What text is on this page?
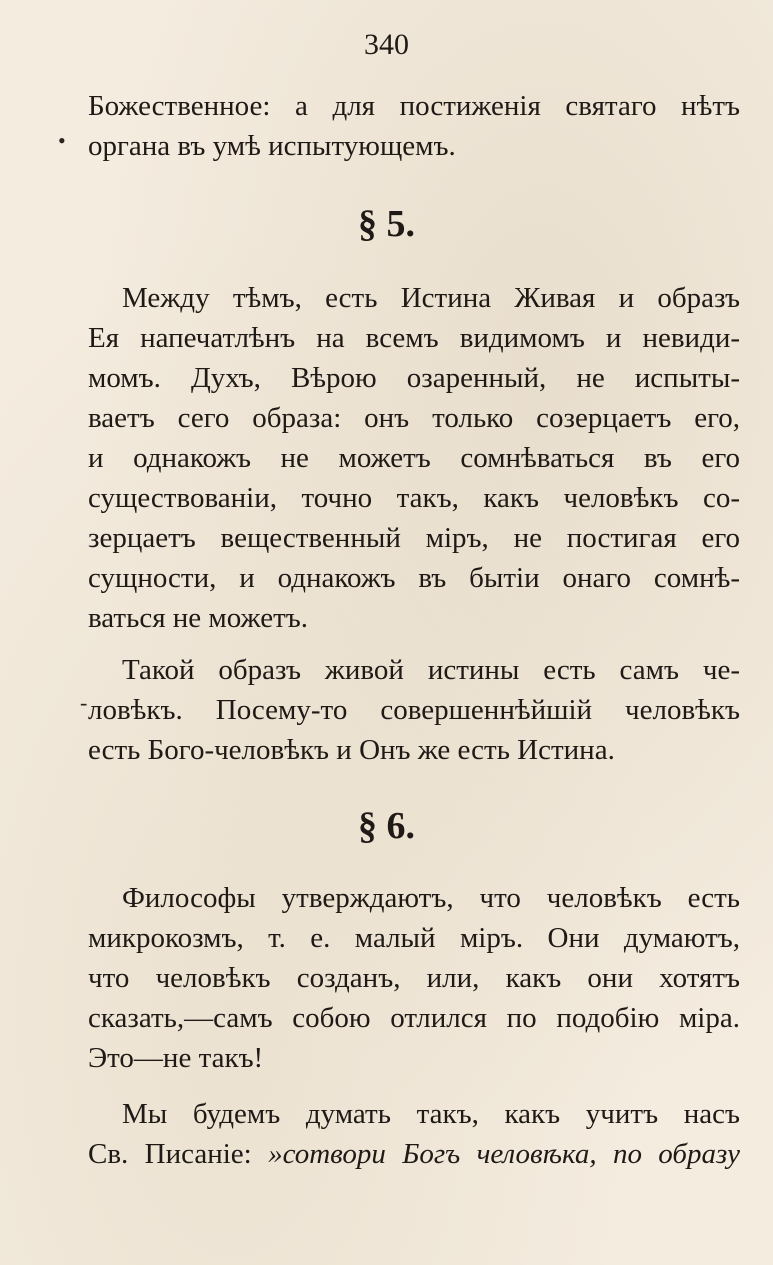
340
•
-
Божественное: а для постиженія святаго нѣтъ
органа въ умѣ испытующемъ.
§ 5.
Между тѣмъ, есть Истина Живая и образъ
Ея напечатлѣнъ на всемъ видимомъ и невиди-
момъ. Духъ, Вѣрою озаренный, не испыты-
ваетъ сего образа: онъ только созерцаетъ его,
и однакожъ не можетъ сомнѣваться въ его
существованіи, точно такъ, какъ человѣкъ со-
зерцаетъ вещественный міръ, не постигая его
сущности, и однакожъ въ бытіи онаго сомнѣ-
ваться не можетъ.
Такой образъ живой истины есть самъ че-
ловѣкъ. Посему-то совершеннѣйшій человѣкъ
есть Бого-человѣкъ и Онъ же есть Истина.
§ 6.
Философы утверждаютъ, что человѣкъ есть
микрокозмъ, т. е. малый міръ. Они думаютъ,
что человѣкъ созданъ, или, какъ они хотятъ
сказать,—самъ собою отлился по подобію міра.
Это—не такъ!
Мы будемъ думать такъ, какъ учитъ насъ
Св. Писаніе: »сотвори Богъ человѣка, по образу
